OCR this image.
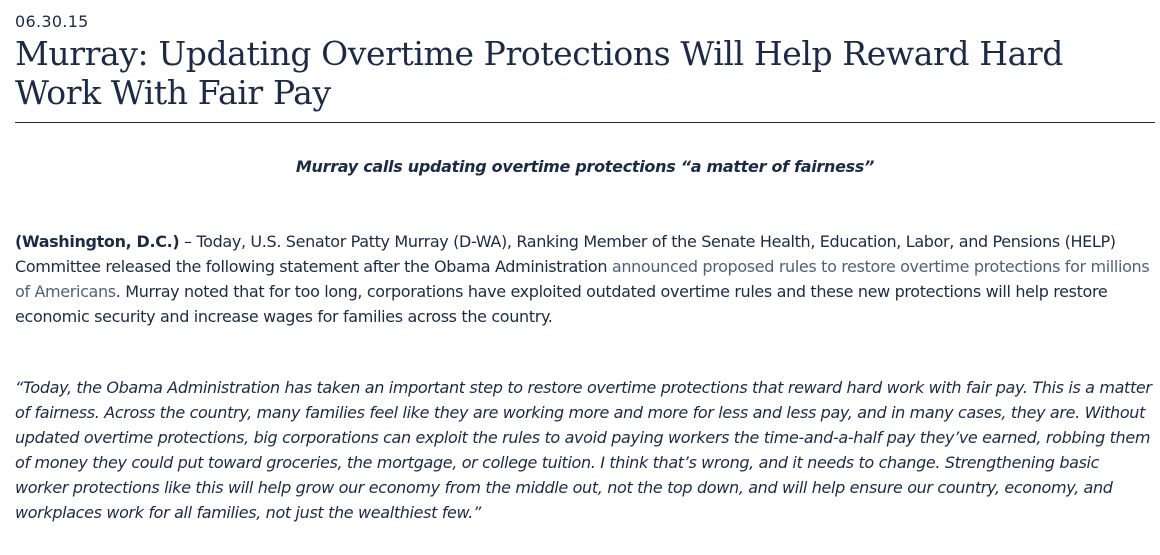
06.30.15
Murray: Updating Overtime Protections Will Help Reward Hard Work With Fair Pay
Murray calls updating overtime protections “a matter of fairness”

(Washington, D.C.) – Today, U.S. Senator Patty Murray (D-WA), Ranking Member of the Senate Health, Education, Labor, and Pensions (HELP) Committee released the following statement after the Obama Administration announced proposed rules to restore overtime protections for millions of Americans. Murray noted that for too long, corporations have exploited outdated overtime rules and these new protections will help restore economic security and increase wages for families across the country.

“Today, the Obama Administration has taken an important step to restore overtime protections that reward hard work with fair pay. This is a matter of fairness. Across the country, many families feel like they are working more and more for less and less pay, and in many cases, they are. Without updated overtime protections, big corporations can exploit the rules to avoid paying workers the time-and-a-half pay they’ve earned, robbing them of money they could put toward groceries, the mortgage, or college tuition. I think that’s wrong, and it needs to change. Strengthening basic worker protections like this will help grow our economy from the middle out, not the top down, and will help ensure our country, economy, and workplaces work for all families, not just the wealthiest few.”
